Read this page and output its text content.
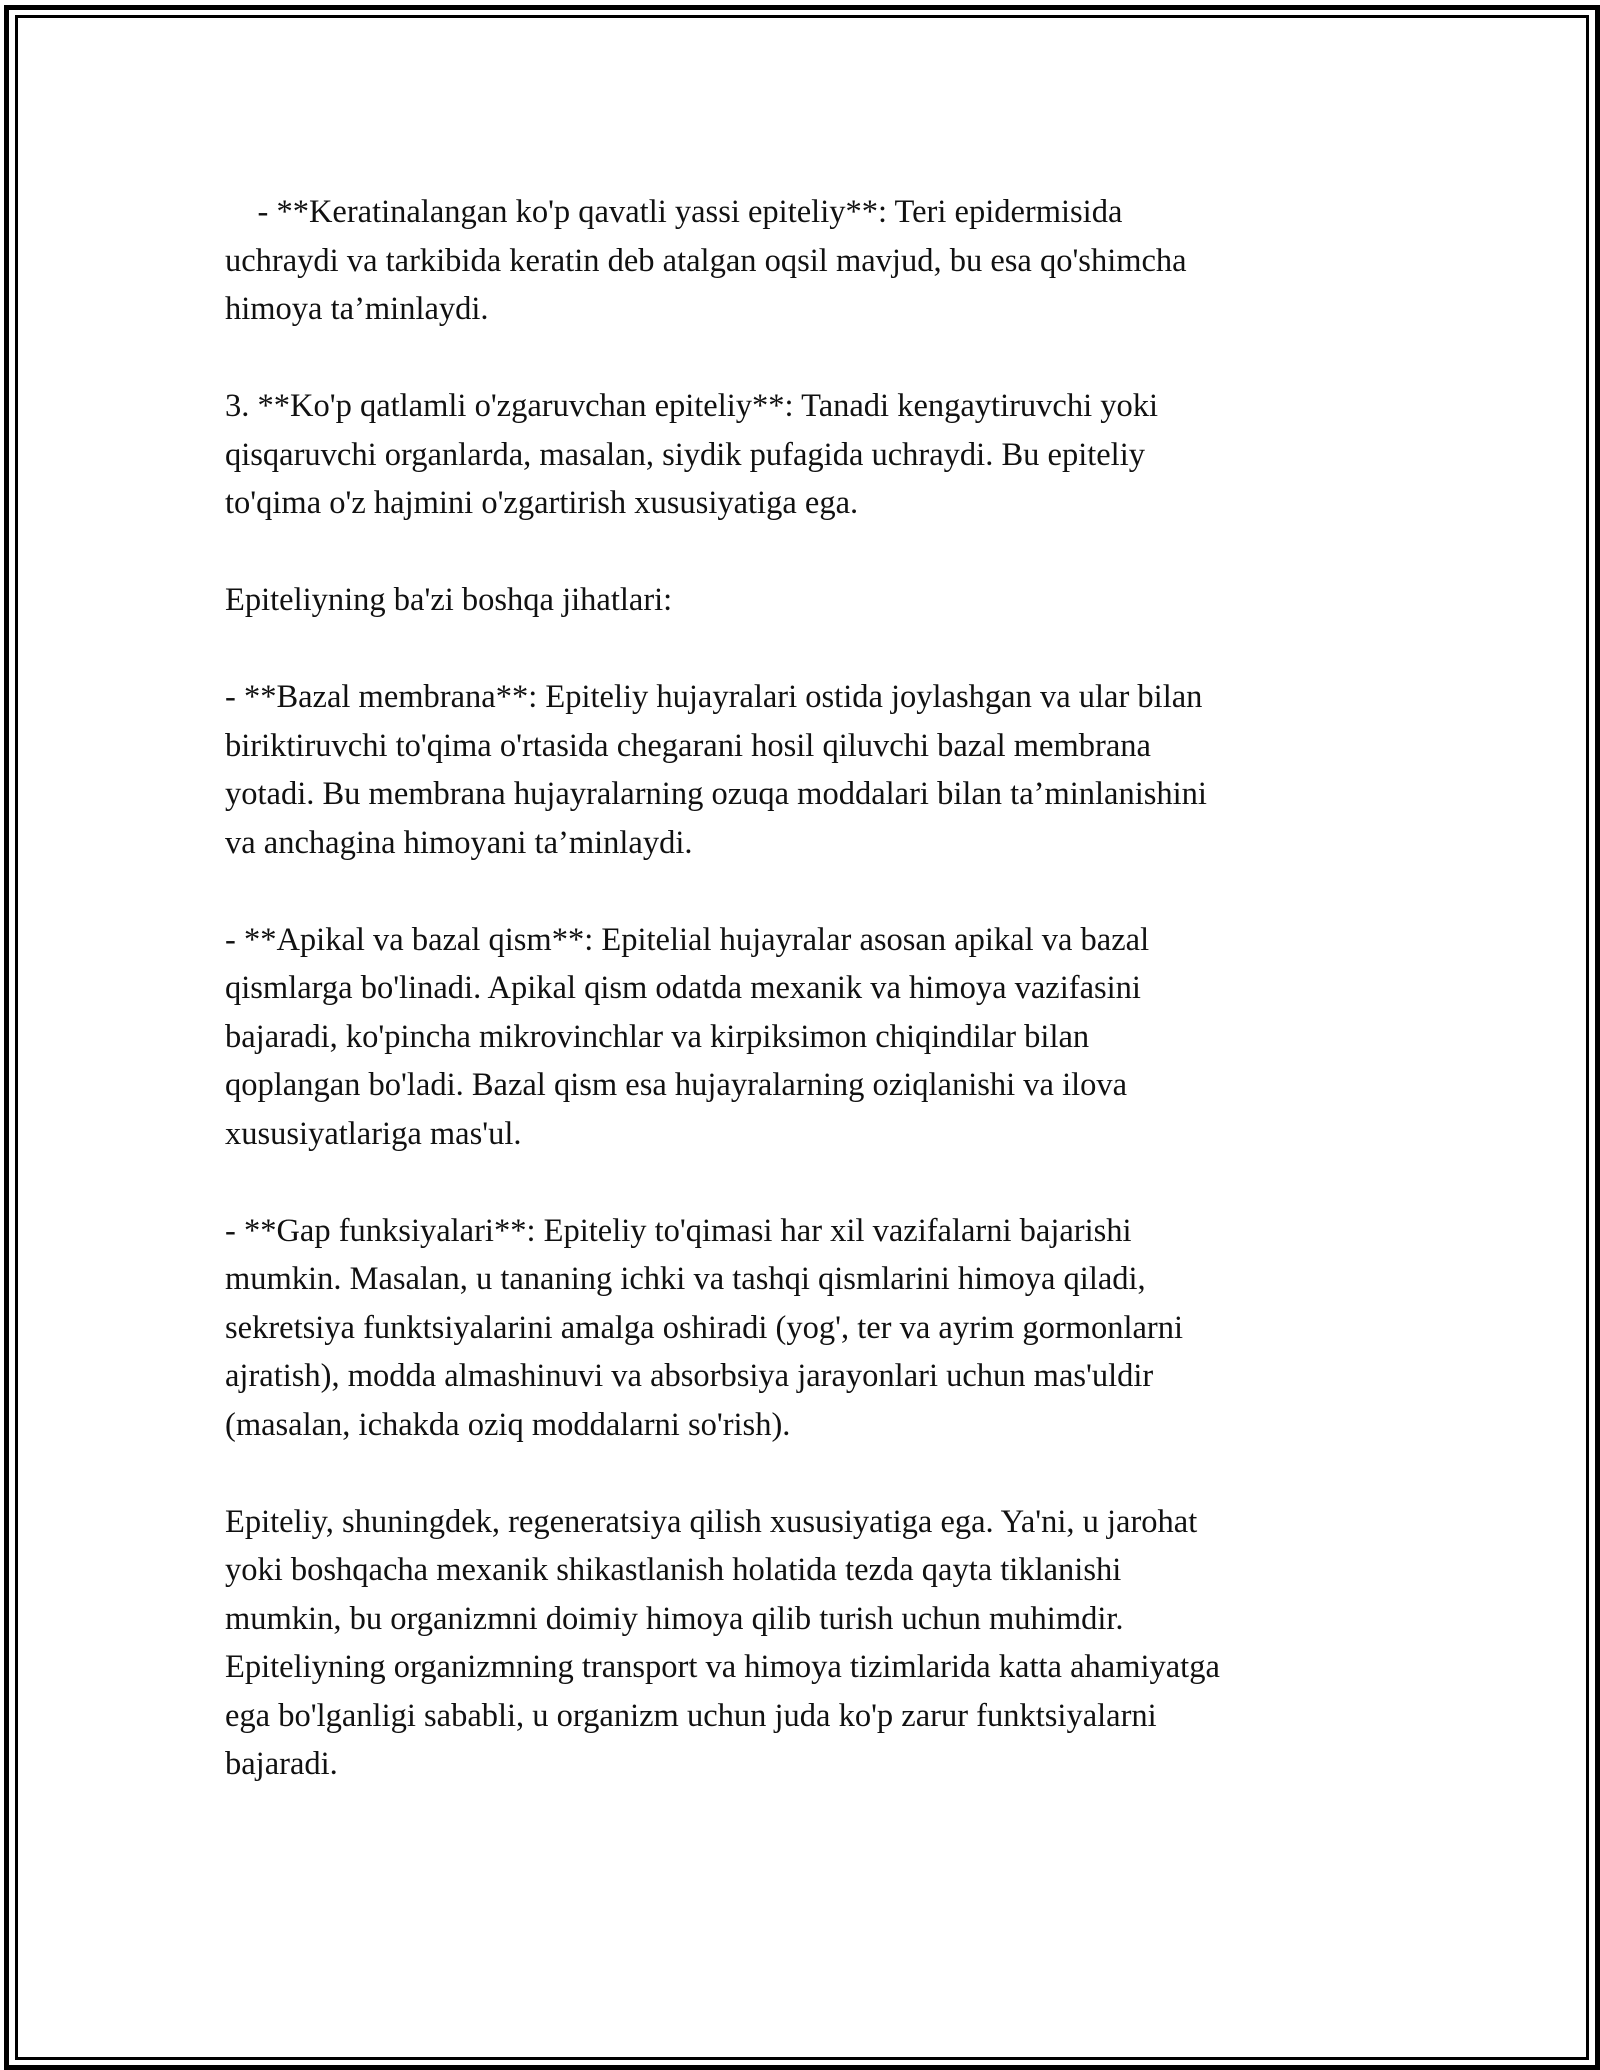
- **Keratinalangan ko'p qavatli yassi epiteliy**: Teri epidermisida
uchraydi va tarkibida keratin deb atalgan oqsil mavjud, bu esa qo'shimcha
himoya ta’minlaydi.

3. **Ko'p qatlamli o'zgaruvchan epiteliy**: Tanadi kengaytiruvchi yoki
qisqaruvchi organlarda, masalan, siydik pufagida uchraydi. Bu epiteliy
to'qima o'z hajmini o'zgartirish xususiyatiga ega.

Epiteliyning ba'zi boshqa jihatlari:

- **Bazal membrana**: Epiteliy hujayralari ostida joylashgan va ular bilan
biriktiruvchi to'qima o'rtasida chegarani hosil qiluvchi bazal membrana
yotadi. Bu membrana hujayralarning ozuqa moddalari bilan ta’minlanishini
va anchagina himoyani ta’minlaydi.

- **Apikal va bazal qism**: Epitelial hujayralar asosan apikal va bazal
qismlarga bo'linadi. Apikal qism odatda mexanik va himoya vazifasini
bajaradi, ko'pincha mikrovinchlar va kirpiksimon chiqindilar bilan
qoplangan bo'ladi. Bazal qism esa hujayralarning oziqlanishi va ilova
xususiyatlariga mas'ul.

- **Gap funksiyalari**: Epiteliy to'qimasi har xil vazifalarni bajarishi
mumkin. Masalan, u tananing ichki va tashqi qismlarini himoya qiladi,
sekretsiya funktsiyalarini amalga oshiradi (yog', ter va ayrim gormonlarni
ajratish), modda almashinuvi va absorbsiya jarayonlari uchun mas'uldir
(masalan, ichakda oziq moddalarni so'rish).

Epiteliy, shuningdek, regeneratsiya qilish xususiyatiga ega. Ya'ni, u jarohat
yoki boshqacha mexanik shikastlanish holatida tezda qayta tiklanishi
mumkin, bu organizmni doimiy himoya qilib turish uchun muhimdir.
Epiteliyning organizmning transport va himoya tizimlarida katta ahamiyatga
ega bo'lganligi sababli, u organizm uchun juda ko'p zarur funktsiyalarni
bajaradi.
